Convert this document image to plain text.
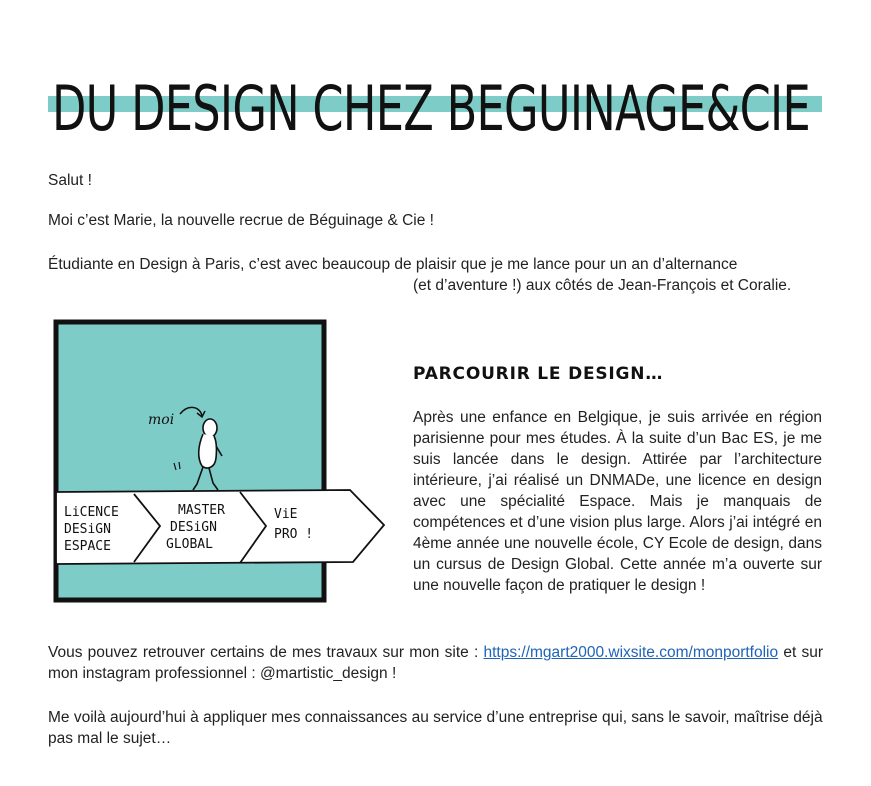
DU DESIGN CHEZ BEGUINAGE&CIE

Salut !

Moi c’est Marie, la nouvelle recrue de Béguinage & Cie !

Étudiante en Design à Paris, c’est avec beaucoup de plaisir que je me lance pour un an d’alternance

(et d’aventure !) aux côtés de Jean-François et Coralie.

LiCENCE
DESiGN
ESPACE
MASTER
DESiGN
GLOBAL
ViE
PRO !
moi
PARCOURIR LE DESIGN…

Après une enfance en Belgique, je suis arrivée en région parisienne pour mes études. À la suite d’un Bac ES, je me suis lancée dans le design. Attirée par l’architecture intérieure, j’ai réalisé un DNMADe, une licence en design avec une spécialité Espace. Mais je manquais de compétences et d’une vision plus large. Alors j’ai intégré en 4ème année une nouvelle école, CY Ecole de design, dans un cursus de Design Global. Cette année m’a ouverte sur une nouvelle façon de pratiquer le design !

Vous pouvez retrouver certains de mes travaux sur mon site : https://mgart2000.wixsite.com/monportfolio et sur mon instagram professionnel : @martistic_design !

Me voilà aujourd’hui à appliquer mes connaissances au service d’une entreprise qui, sans le savoir, maîtrise déjà pas mal le sujet…
